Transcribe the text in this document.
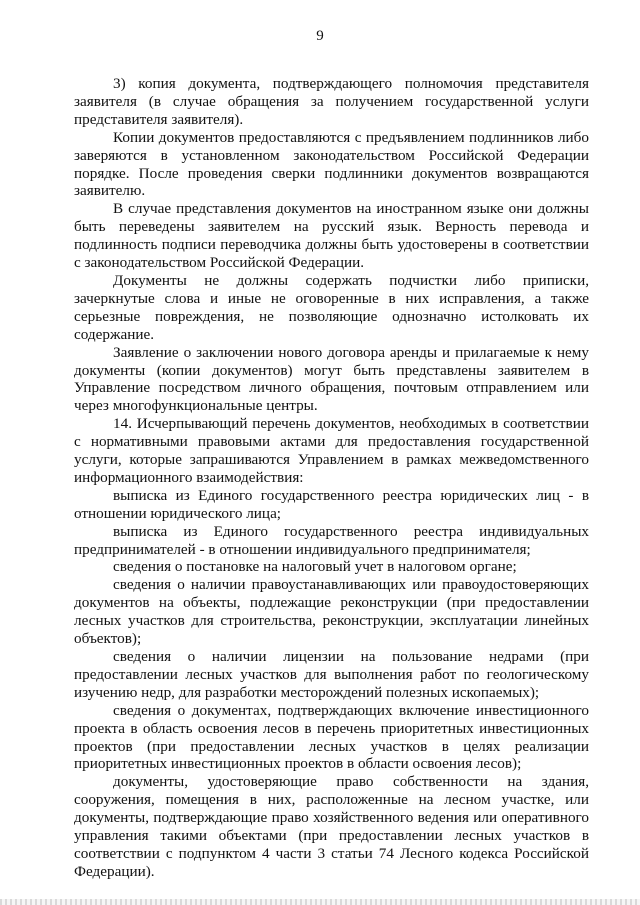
9

3) копия документа, подтверждающего полномочия представителя заявителя (в случае обращения за получением государственной услуги представителя заявителя).

Копии документов предоставляются с предъявлением подлинников либо заверяются в установленном законодательством Российской Федерации порядке. После проведения сверки подлинники документов возвращаются заявителю.

В случае представления документов на иностранном языке они должны быть переведены заявителем на русский язык. Верность перевода и подлинность подписи переводчика должны быть удостоверены в соответствии с законодательством Российской Федерации.

Документы не должны содержать подчистки либо приписки, зачеркнутые слова и иные не оговоренные в них исправления, а также серьезные повреждения, не позволяющие однозначно истолковать их содержание.

Заявление о заключении нового договора аренды и прилагаемые к нему документы (копии документов) могут быть представлены заявителем в Управление посредством личного обращения, почтовым отправлением или через многофункциональные центры.

14. Исчерпывающий перечень документов, необходимых в соответствии с нормативными правовыми актами для предоставления государственной услуги, которые запрашиваются Управлением в рамках межведомственного информационного взаимодействия:

выписка из Единого государственного реестра юридических лиц - в отношении юридического лица;

выписка из Единого государственного реестра индивидуальных предпринимателей - в отношении индивидуального предпринимателя;

сведения о постановке на налоговый учет в налоговом органе;

сведения о наличии правоустанавливающих или правоудостоверяющих документов на объекты, подлежащие реконструкции (при предоставлении лесных участков для строительства, реконструкции, эксплуатации линейных объектов);

сведения о наличии лицензии на пользование недрами (при предоставлении лесных участков для выполнения работ по геологическому изучению недр, для разработки месторождений полезных ископаемых);

сведения о документах, подтверждающих включение инвестиционного проекта в область освоения лесов в перечень приоритетных инвестиционных проектов (при предоставлении лесных участков в целях реализации приоритетных инвестиционных проектов в области освоения лесов);

документы, удостоверяющие право собственности на здания, сооружения, помещения в них, расположенные на лесном участке, или документы, подтверждающие право хозяйственного ведения или оперативного управления такими объектами (при предоставлении лесных участков в соответствии с подпунктом 4 части 3 статьи 74 Лесного кодекса Российской Федерации).
